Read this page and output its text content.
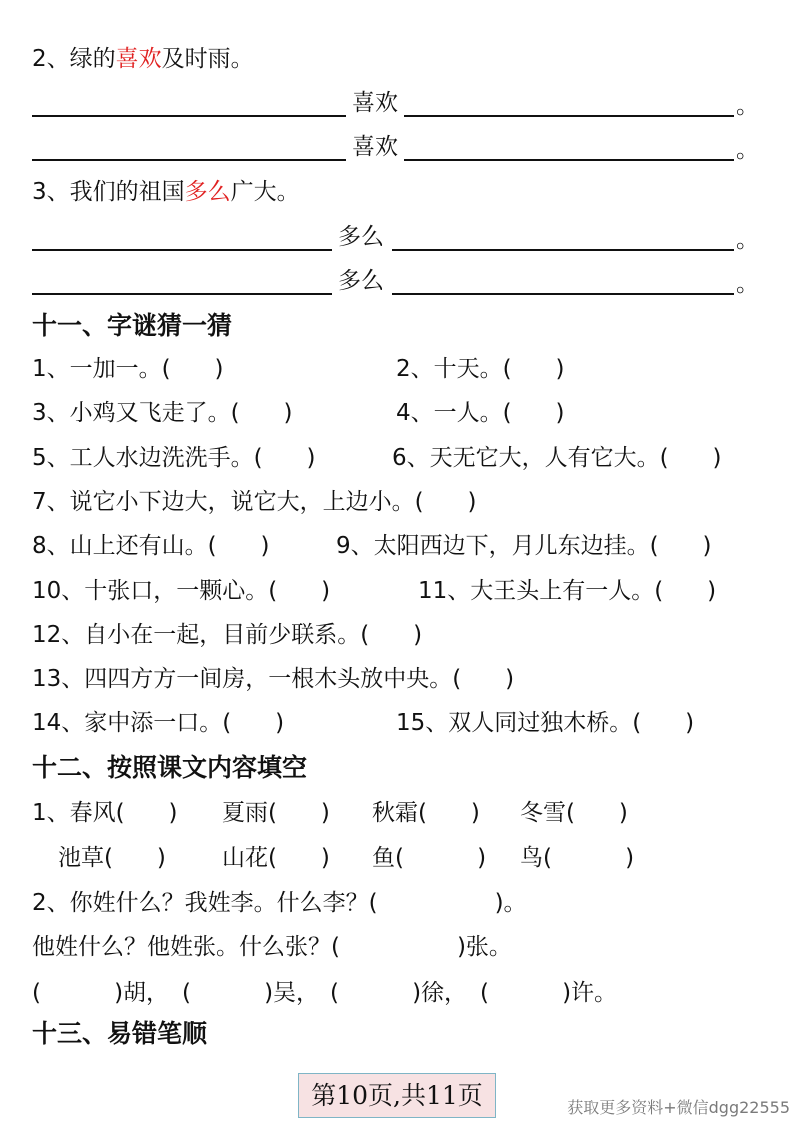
2、绿的喜欢及时雨。
喜欢	。
喜欢	。
3、我们的祖国多么广大。
多么	。
多么	。
十一、字谜猜一猜
1、一加一。(      )	2、十天。(      )
3、小鸡又飞走了。(      )	4、一人。(      )
5、工人水边洗洗手。(      )	6、天无它大，人有它大。(      )
7、说它小下边大，说它大，上边小。(      )
8、山上还有山。(      )	9、太阳西边下，月儿东边挂。(      )
10、十张口，一颗心。(      )	11、大王头上有一人。(      )
12、自小在一起，目前少联系。(      )
13、四四方方一间房，一根木头放中央。(      )
14、家中添一口。(      )	15、双人同过独木桥。(      )
十二、按照课文内容填空
1、春风(      ) 夏雨(      ) 秋霜(      ) 冬雪(      )
池草(      ) 山花(      ) 鱼(          ) 鸟(          )
2、你姓什么？我姓李。什么李？(                )。
他姓什么？他姓张。什么张？(                )张。
(          )胡， (          )吴， (          )徐， (          )许。
十三、易错笔顺
第10页,共11页	获取更多资料+微信dgg22555
